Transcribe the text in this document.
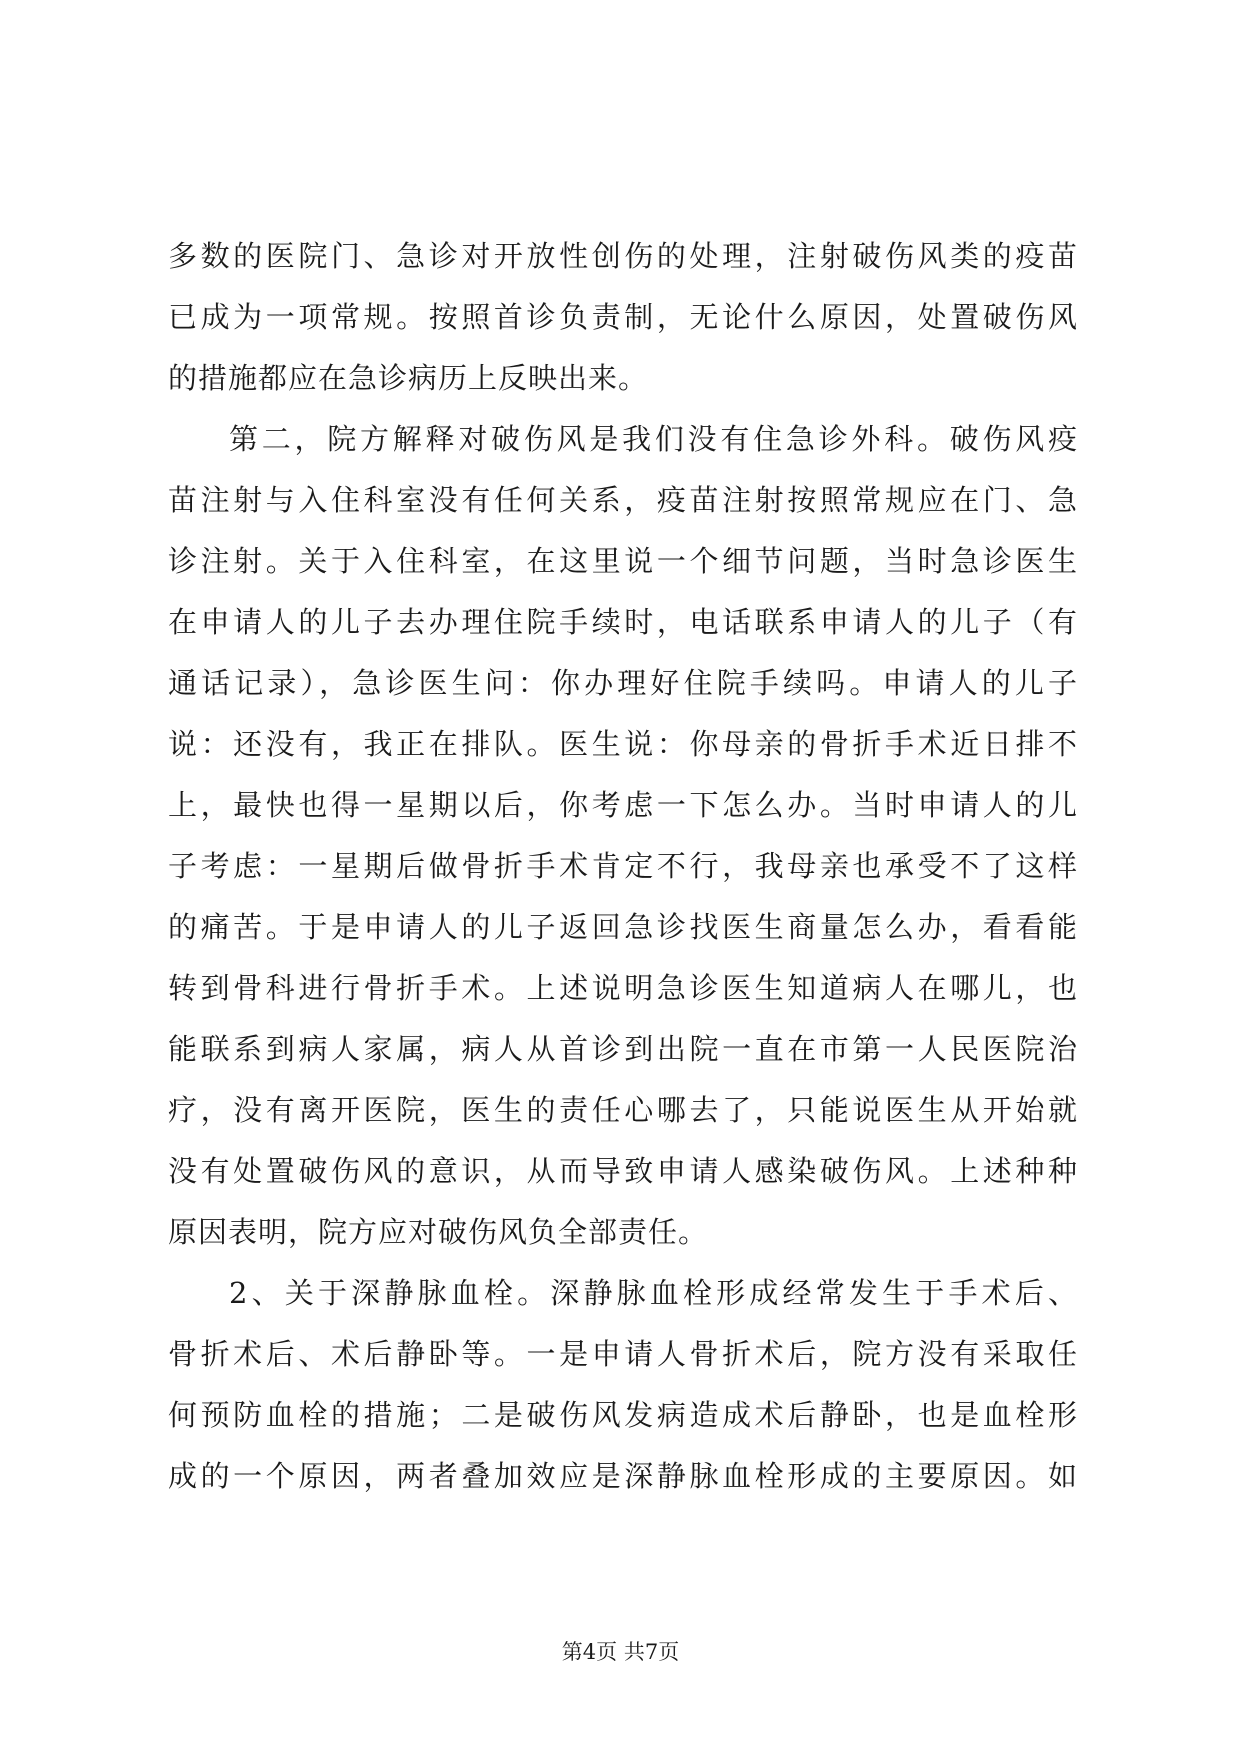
多数的医院门、急诊对开放性创伤的处理，注射破伤风类的疫苗
已成为一项常规。按照首诊负责制，无论什么原因，处置破伤风
的措施都应在急诊病历上反映出来。
第二，院方解释对破伤风是我们没有住急诊外科。破伤风疫
苗注射与入住科室没有任何关系，疫苗注射按照常规应在门、急
诊注射。关于入住科室，在这里说一个细节问题，当时急诊医生
在申请人的儿子去办理住院手续时，电话联系申请人的儿子（有
通话记录），急诊医生问：你办理好住院手续吗。申请人的儿子
说：还没有，我正在排队。医生说：你母亲的骨折手术近日排不
上，最快也得一星期以后，你考虑一下怎么办。当时申请人的儿
子考虑：一星期后做骨折手术肯定不行，我母亲也承受不了这样
的痛苦。于是申请人的儿子返回急诊找医生商量怎么办，看看能
转到骨科进行骨折手术。上述说明急诊医生知道病人在哪儿，也
能联系到病人家属，病人从首诊到出院一直在市第一人民医院治
疗，没有离开医院，医生的责任心哪去了，只能说医生从开始就
没有处置破伤风的意识，从而导致申请人感染破伤风。上述种种
原因表明，院方应对破伤风负全部责任。
2、关于深静脉血栓。深静脉血栓形成经常发生于手术后、
骨折术后、术后静卧等。一是申请人骨折术后，院方没有采取任
何预防血栓的措施；二是破伤风发病造成术后静卧，也是血栓形
成的一个原因，两者叠加效应是深静脉血栓形成的主要原因。如
第4页 共7页
